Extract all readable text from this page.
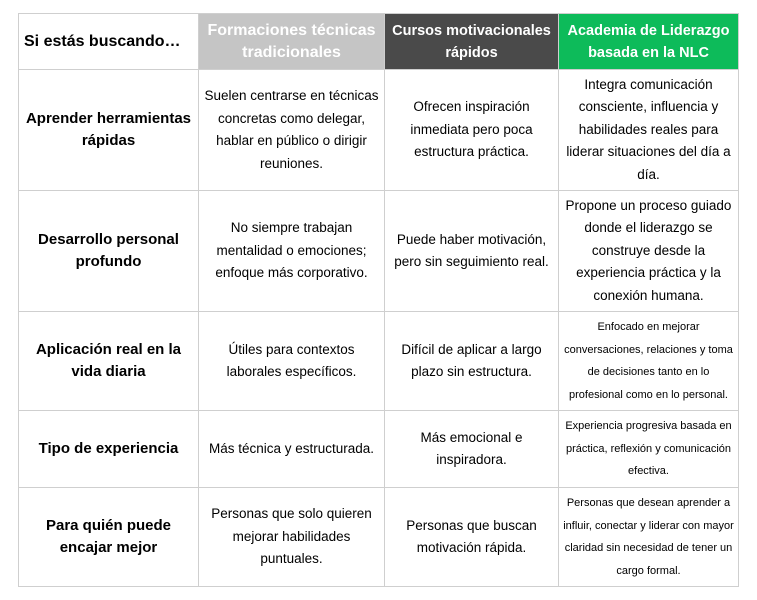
Si estás buscando…	Formaciones técnicas tradicionales	Cursos motivacionales rápidos	Academia de Liderazgo basada en la NLC
Aprender herramientas rápidas	Suelen centrarse en técnicas concretas como delegar, hablar en público o dirigir reuniones.	Ofrecen inspiración inmediata pero poca estructura práctica.	Integra comunicación consciente, influencia y habilidades reales para liderar situaciones del día a día.
Desarrollo personal profundo	No siempre trabajan mentalidad o emociones; enfoque más corporativo.	Puede haber motivación, pero sin seguimiento real.	Propone un proceso guiado donde el liderazgo se construye desde la experiencia práctica y la conexión humana.
Aplicación real en la vida diaria	Útiles para contextos laborales específicos.	Difícil de aplicar a largo plazo sin estructura.	Enfocado en mejorar conversaciones, relaciones y toma de decisiones tanto en lo profesional como en lo personal.
Tipo de experiencia	Más técnica y estructurada.	Más emocional e inspiradora.	Experiencia progresiva basada en práctica, reflexión y comunicación efectiva.
Para quién puede encajar mejor	Personas que solo quieren mejorar habilidades puntuales.	Personas que buscan motivación rápida.	Personas que desean aprender a influir, conectar y liderar con mayor claridad sin necesidad de tener un cargo formal.
